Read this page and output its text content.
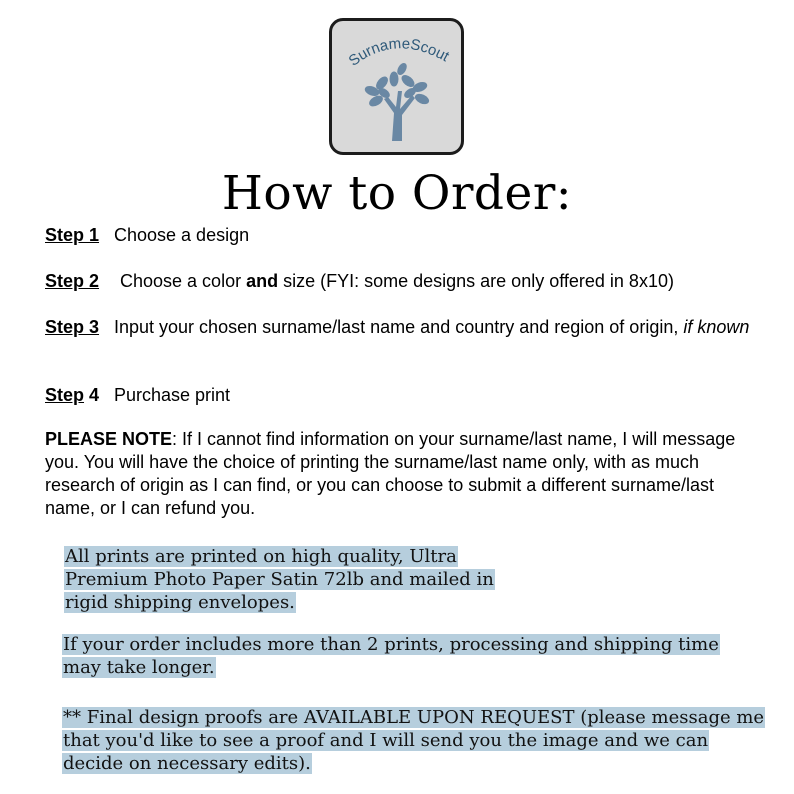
SurnameScout
How to Order:
Step 1 Choose a design
Step 2 Choose a color and size (FYI: some designs are only offered in 8x10)
Step 3 Input your chosen surname/last name and country and region of origin, if known
Step 4 Purchase print
PLEASE NOTE: If I cannot find information on your surname/last name, I will message you. You will have the choice of printing the surname/last name only, with as much research of origin as I can find, or you can choose to submit a different surname/last name, or I can refund you.
All prints are printed on high quality, Ultra
Premium Photo Paper Satin 72lb and mailed in
rigid shipping envelopes.
If your order includes more than 2 prints, processing and shipping time
may take longer.
** Final design proofs are AVAILABLE UPON REQUEST (please message me
that you'd like to see a proof and I will send you the image and we can
decide on necessary edits).
